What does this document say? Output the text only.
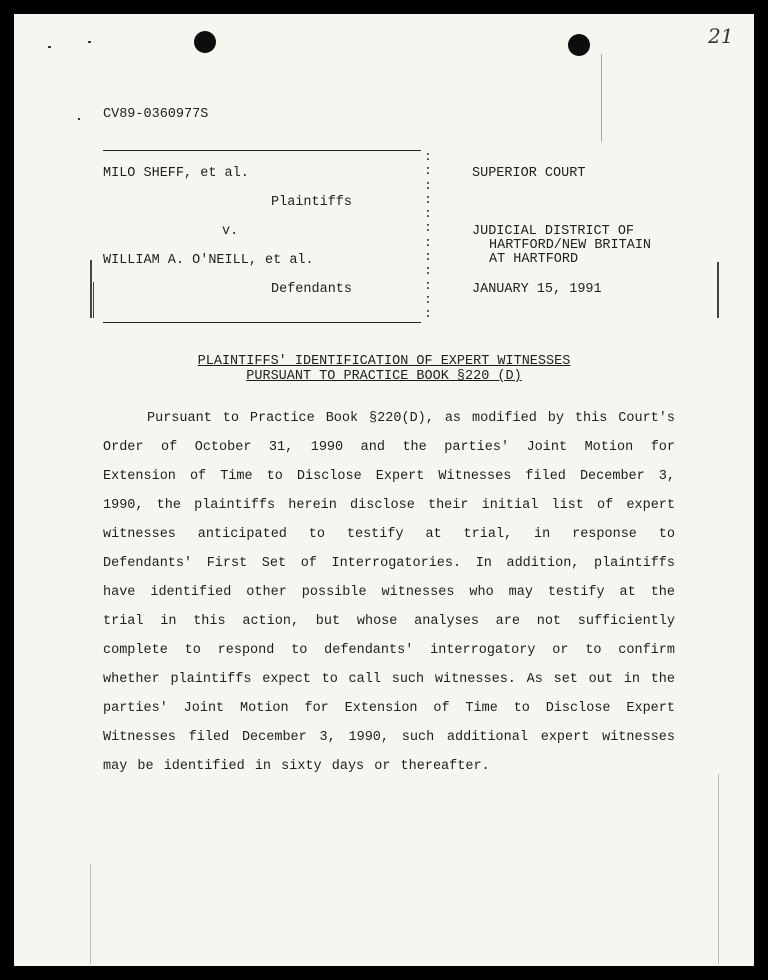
21
CV89-0360977S
MILO SHEFF, et al.
Plaintiffs
v.
WILLIAM A. O'NEILL, et al.
Defendants
:
:
:
:
:
:
:
:
:
:
:
:
SUPERIOR COURT
JUDICIAL DISTRICT OF
HARTFORD/NEW BRITAIN
AT HARTFORD
JANUARY 15, 1991
PLAINTIFFS' IDENTIFICATION OF EXPERT WITNESSES
PURSUANT TO PRACTICE BOOK §220 (D)

Pursuant to Practice Book §220(D), as modified by this Court's Order of October 31, 1990 and the parties' Joint Motion for Extension of Time to Disclose Expert Witnesses filed December 3, 1990, the plaintiffs herein disclose their initial list of expert witnesses anticipated to testify at trial, in response to Defendants' First Set of Interrogatories. In addition, plaintiffs have identified other possible witnesses who may testify at the trial in this action, but whose analyses are not sufficiently complete to respond to defendants' interrogatory or to confirm whether plaintiffs expect to call such witnesses. As set out in the parties' Joint Motion for Extension of Time to Disclose Expert Witnesses filed December 3, 1990, such additional expert witnesses may be identified in sixty days or thereafter.
